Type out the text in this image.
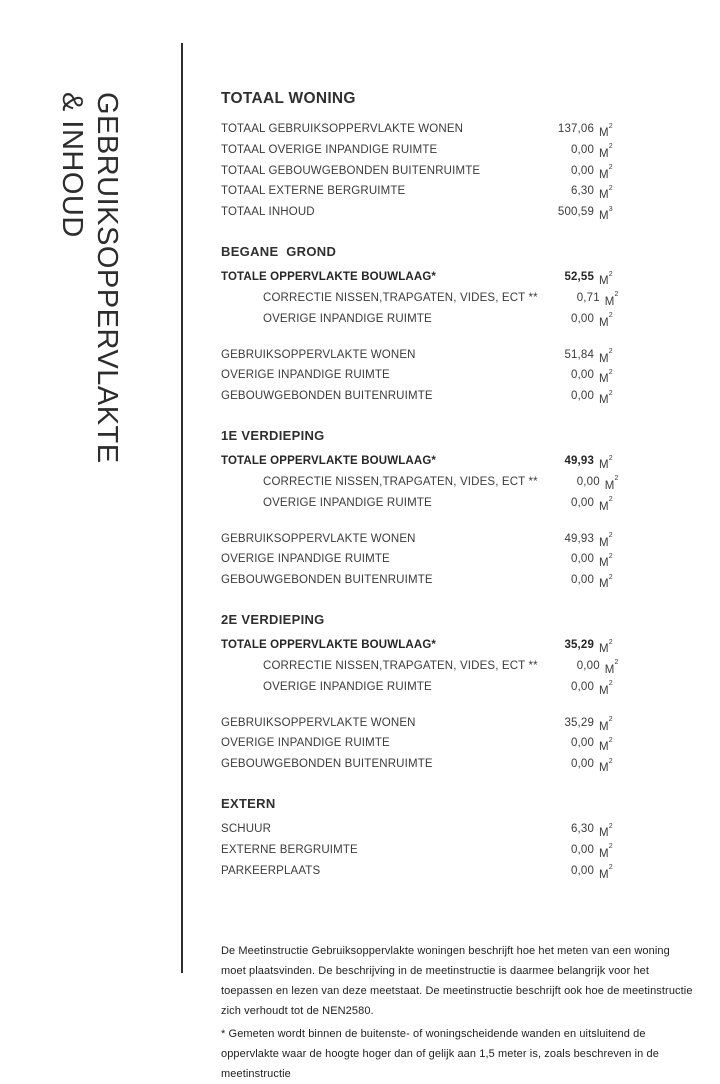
GEBRUIKSOPPERVLAKTE
& INHOUD	TOTAAL WONING
TOTAAL GEBRUIKSOPPERVLAKTE WONEN	137,06 $M^2$
TOTAAL OVERIGE INPANDIGE RUIMTE	0,00 $M^2$
TOTAAL GEBOUWGEBONDEN BUITENRUIMTE	0,00 $M^2$
TOTAAL EXTERNE BERGRUIMTE	6,30 $M^2$
TOTAAL INHOUD	500,59 $M^3$
BEGANE  GROND
TOTALE OPPERVLAKTE BOUWLAAG*	52,55 $M^2$
CORRECTIE NISSEN,TRAPGATEN, VIDES, ECT **	0,71 $M^2$
OVERIGE INPANDIGE RUIMTE	0,00 $M^2$
GEBRUIKSOPPERVLAKTE WONEN	51,84 $M^2$
OVERIGE INPANDIGE RUIMTE	0,00 $M^2$
GEBOUWGEBONDEN BUITENRUIMTE	0,00 $M^2$
1E VERDIEPING
TOTALE OPPERVLAKTE BOUWLAAG*	49,93 $M^2$
CORRECTIE NISSEN,TRAPGATEN, VIDES, ECT **	0,00 $M^2$
OVERIGE INPANDIGE RUIMTE	0,00 $M^2$
GEBRUIKSOPPERVLAKTE WONEN	49,93 $M^2$
OVERIGE INPANDIGE RUIMTE	0,00 $M^2$
GEBOUWGEBONDEN BUITENRUIMTE	0,00 $M^2$
2E VERDIEPING
TOTALE OPPERVLAKTE BOUWLAAG*	35,29 $M^2$
CORRECTIE NISSEN,TRAPGATEN, VIDES, ECT **	0,00 $M^2$
OVERIGE INPANDIGE RUIMTE	0,00 $M^2$
GEBRUIKSOPPERVLAKTE WONEN	35,29 $M^2$
OVERIGE INPANDIGE RUIMTE	0,00 $M^2$
GEBOUWGEBONDEN BUITENRUIMTE	0,00 $M^2$
EXTERN
SCHUUR	6,30 $M^2$
EXTERNE BERGRUIMTE	0,00 $M^2$
PARKEERPLAATS	0,00 $M^2$
De Meetinstructie Gebruiksoppervlakte woningen beschrijft hoe het meten van een woning
moet plaatsvinden. De beschrijving in de meetinstructie is daarmee belangrijk voor het
toepassen en lezen van deze meetstaat. De meetinstructie beschrijft ook hoe de meetinstructie
zich verhoudt tot de NEN2580.
* Gemeten wordt binnen de buitenste- of woningscheidende wanden en uitsluitend de
oppervlakte waar de hoogte hoger dan of gelijk aan 1,5 meter is, zoals beschreven in de
meetinstructie
